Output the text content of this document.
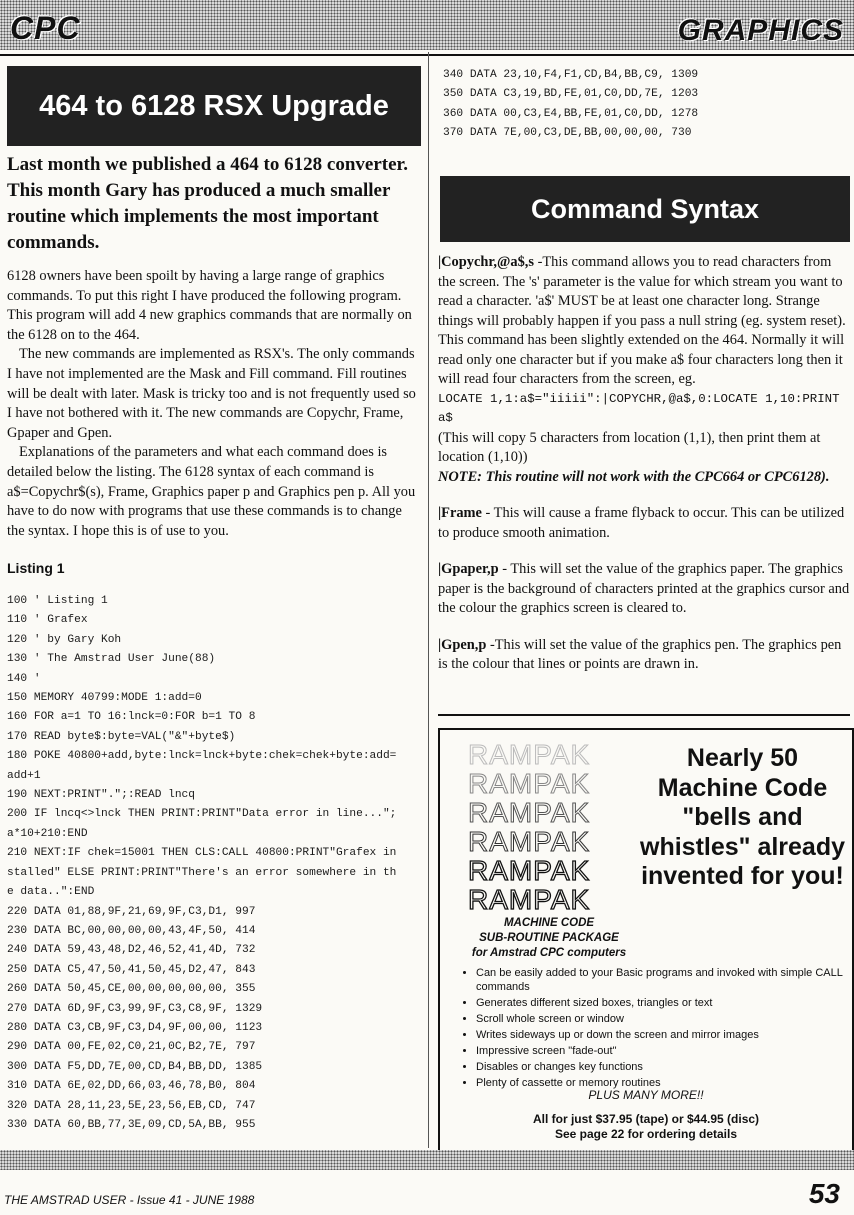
CPC	GRAPHICS
464 to 6128 RSX Upgrade
Last month we published a 464 to 6128 converter. This month Gary has produced a much smaller routine which implements the most important commands.

6128 owners have been spoilt by having a large range of graphics commands. To put this right I have produced the following program. This program will add 4 new graphics commands that are normally on the 6128 on to the 464.

The new commands are implemented as RSX's. The only commands I have not implemented are the Mask and Fill command. Fill routines will be dealt with later. Mask is tricky too and is not frequently used so I have not bothered with it. The new commands are Copychr, Frame, Gpaper and Gpen.

Explanations of the parameters and what each command does is detailed below the listing. The 6128 syntax of each command is a$=Copychr$(s), Frame, Graphics paper p and Graphics pen p. All you have to do now with programs that use these commands is to change the syntax. I hope this is of use to you.

Listing 1
100 ' Listing 1
110 ' Grafex
120 ' by Gary Koh
130 ' The Amstrad User June(88)
140 '
150 MEMORY 40799:MODE 1:add=0
160 FOR a=1 TO 16:lnck=0:FOR b=1 TO 8
170 READ byte$:byte=VAL("&"+byte$)
180 POKE 40800+add,byte:lnck=lnck+byte:chek=chek+byte:add=
add+1
190 NEXT:PRINT".";:READ lncq
200 IF lncq<>lnck THEN PRINT:PRINT"Data error in line...";
a*10+210:END
210 NEXT:IF chek=15001 THEN CLS:CALL 40800:PRINT"Grafex in
stalled" ELSE PRINT:PRINT"There's an error somewhere in th
e data..":END
220 DATA 01,88,9F,21,69,9F,C3,D1, 997
230 DATA BC,00,00,00,00,43,4F,50, 414
240 DATA 59,43,48,D2,46,52,41,4D, 732
250 DATA C5,47,50,41,50,45,D2,47, 843
260 DATA 50,45,CE,00,00,00,00,00, 355
270 DATA 6D,9F,C3,99,9F,C3,C8,9F, 1329
280 DATA C3,CB,9F,C3,D4,9F,00,00, 1123
290 DATA 00,FE,02,C0,21,0C,B2,7E, 797
300 DATA F5,DD,7E,00,CD,B4,BB,DD, 1385
310 DATA 6E,02,DD,66,03,46,78,B0, 804
320 DATA 28,11,23,5E,23,56,EB,CD, 747
330 DATA 60,BB,77,3E,09,CD,5A,BB, 955
340 DATA 23,10,F4,F1,CD,B4,BB,C9, 1309
350 DATA C3,19,BD,FE,01,C0,DD,7E, 1203
360 DATA 00,C3,E4,BB,FE,01,C0,DD, 1278
370 DATA 7E,00,C3,DE,BB,00,00,00, 730
Command Syntax

|Copychr,@a$,s -This command allows you to read characters from the screen. The 's' parameter is the value for which stream you want to read a character. 'a$' MUST be at least one character long. Strange things will probably happen if you pass a null string (eg. system reset). This command has been slightly extended on the 464. Normally it will read only one character but if you make a$ four characters long then it will read four characters from the screen, eg.

LOCATE 1,1:a$="iiiii":|COPYCHR,@a$,0:LOCATE 1,10:PRINT a$

(This will copy 5 characters from location (1,1), then print them at location (1,10))

NOTE: This routine will not work with the CPC664 or CPC6128).

|Frame - This will cause a frame flyback to occur. This can be utilized to produce smooth animation.

|Gpaper,p - This will set the value of the graphics paper. The graphics paper is the background of characters printed at the graphics cursor and the colour the graphics screen is cleared to.

|Gpen,p -This will set the value of the graphics pen. The graphics pen is the colour that lines or points are drawn in.

RAMPAK
RAMPAK
RAMPAK
RAMPAK
RAMPAK
RAMPAK
Nearly 50 Machine Code "bells and whistles" already invented for you!
MACHINE CODE
SUB-ROUTINE PACKAGE
for Amstrad CPC computers
• Can be easily added to your Basic programs and invoked with simple CALL commands
• Generates different sized boxes, triangles or text
• Scroll whole screen or window
• Writes sideways up or down the screen and mirror images
• Impressive screen "fade-out"
• Disables or changes key functions
• Plenty of cassette or memory routines
PLUS MANY MORE!!
All for just $37.95 (tape) or $44.95 (disc)
See page 22 for ordering details
THE AMSTRAD USER - Issue 41 - JUNE 1988	53
